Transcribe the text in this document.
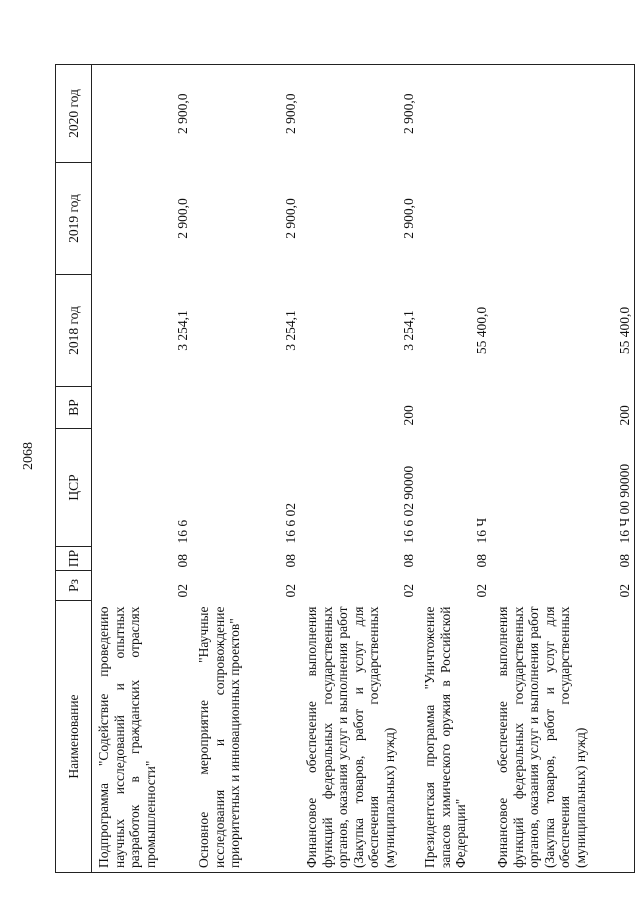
2068
Наименование	Рз	ПР	ЦСР	ВР	2018 год	2019 год	2020 год
Подпрограмма "Содействие проведению научных исследований и опытных разработок в гражданских отраслях промышленности"	02	08	16 6		3 254,1	2 900,0	2 900,0
Основное мероприятие "Научные исследования и сопровождение приоритетных и инновационных проектов"	02	08	16 6 02		3 254,1	2 900,0	2 900,0
Финансовое обеспечение выполнения функций федеральных государственных органов, оказания услуг и выполнения работ (Закупка товаров, работ и услуг для обеспечения государственных (муниципальных) нужд)	02	08	16 6 02 90000	200	3 254,1	2 900,0	2 900,0
Президентская программа "Уничтожение запасов химического оружия в Российской Федерации"	02	08	16 Ч		55 400,0		
Финансовое обеспечение выполнения функций федеральных государственных органов, оказания услуг и выполнения работ (Закупка товаров, работ и услуг для обеспечения государственных (муниципальных) нужд)	02	08	16 Ч 00 90000	200	55 400,0		
